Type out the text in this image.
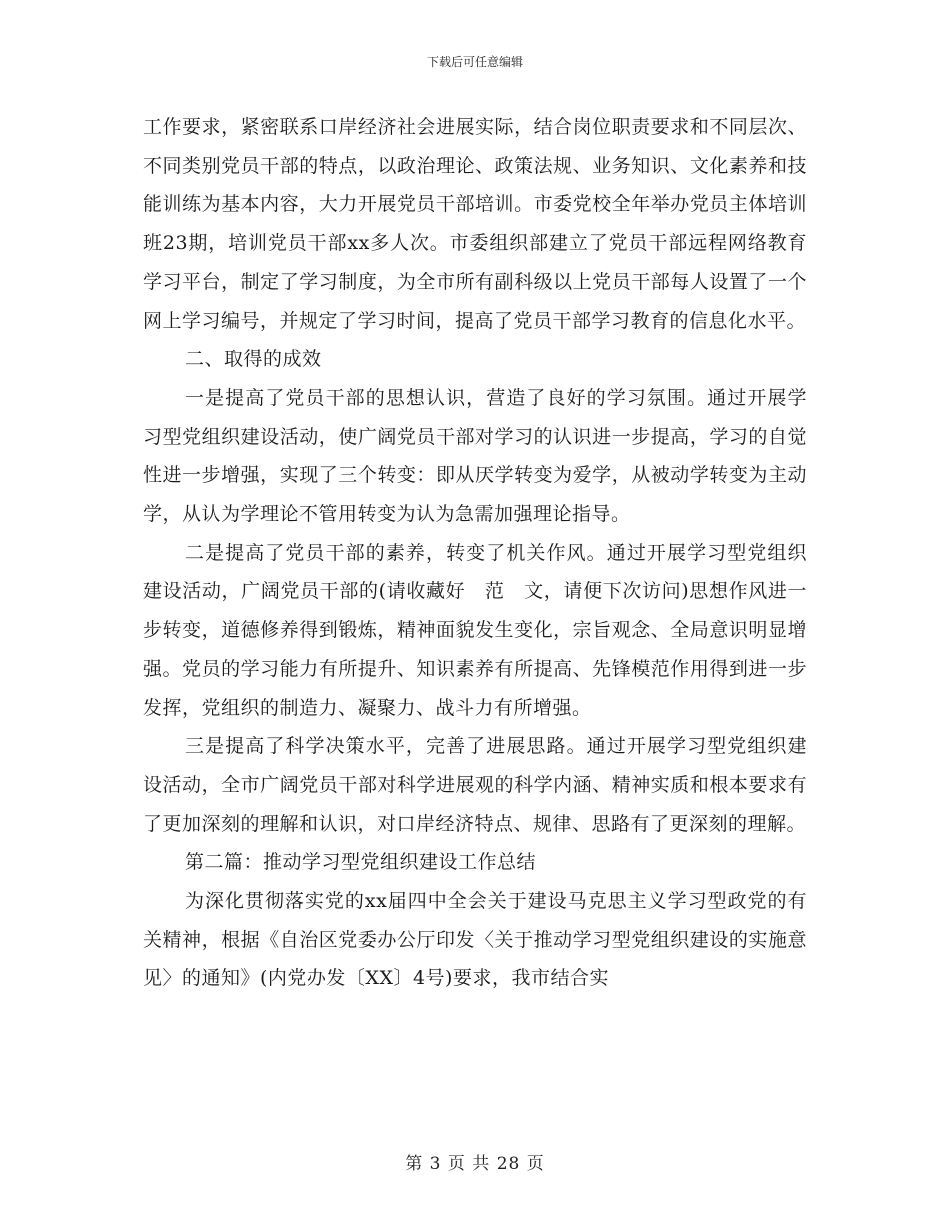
下载后可任意编辑

工作要求，紧密联系口岸经济社会进展实际，结合岗位职责要求和不同层次、不同类别党员干部的特点，以政治理论、政策法规、业务知识、文化素养和技能训练为基本内容，大力开展党员干部培训。市委党校全年举办党员主体培训班23期，培训党员干部xx多人次。市委组织部建立了党员干部远程网络教育学习平台，制定了学习制度，为全市所有副科级以上党员干部每人设置了一个网上学习编号，并规定了学习时间，提高了党员干部学习教育的信息化水平。

二、取得的成效

一是提高了党员干部的思想认识，营造了良好的学习氛围。通过开展学习型党组织建设活动，使广阔党员干部对学习的认识进一步提高，学习的自觉性进一步增强，实现了三个转变：即从厌学转变为爱学，从被动学转变为主动学，从认为学理论不管用转变为认为急需加强理论指导。

二是提高了党员干部的素养，转变了机关作风。通过开展学习型党组织建设活动，广阔党员干部的(请收藏好　范　文，请便下次访问)思想作风进一步转变，道德修养得到锻炼，精神面貌发生变化，宗旨观念、全局意识明显增强。党员的学习能力有所提升、知识素养有所提高、先锋模范作用得到进一步发挥，党组织的制造力、凝聚力、战斗力有所增强。

三是提高了科学决策水平，完善了进展思路。通过开展学习型党组织建设活动，全市广阔党员干部对科学进展观的科学内涵、精神实质和根本要求有了更加深刻的理解和认识，对口岸经济特点、规律、思路有了更深刻的理解。

第二篇：推动学习型党组织建设工作总结

为深化贯彻落实党的xx届四中全会关于建设马克思主义学习型政党的有关精神，根据《自治区党委办公厅印发〈关于推动学习型党组织建设的实施意见〉的通知》(内党办发〔XX〕4号)要求，我市结合实

第 3 页 共 28 页
